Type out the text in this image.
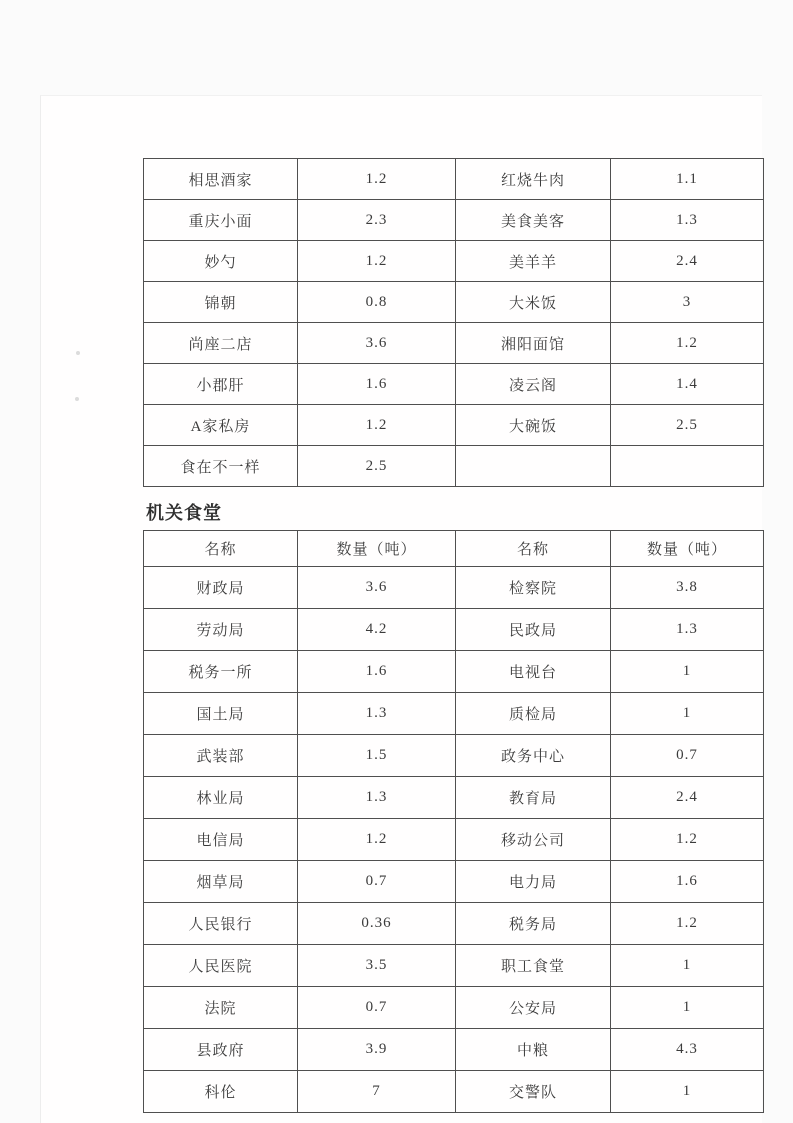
相思酒家	1.2	红烧牛肉	1.1
重庆小面	2.3	美食美客	1.3
妙勺	1.2	美羊羊	2.4
锦朝	0.8	大米饭	3
尚座二店	3.6	湘阳面馆	1.2
小郡肝	1.6	凌云阁	1.4
A家私房	1.2	大碗饭	2.5
食在不一样	2.5		
机关食堂
名称	数量（吨）	名称	数量（吨）
财政局	3.6	检察院	3.8
劳动局	4.2	民政局	1.3
税务一所	1.6	电视台	1
国土局	1.3	质检局	1
武装部	1.5	政务中心	0.7
林业局	1.3	教育局	2.4
电信局	1.2	移动公司	1.2
烟草局	0.7	电力局	1.6
人民银行	0.36	税务局	1.2
人民医院	3.5	职工食堂	1
法院	0.7	公安局	1
县政府	3.9	中粮	4.3
科伦	7	交警队	1
